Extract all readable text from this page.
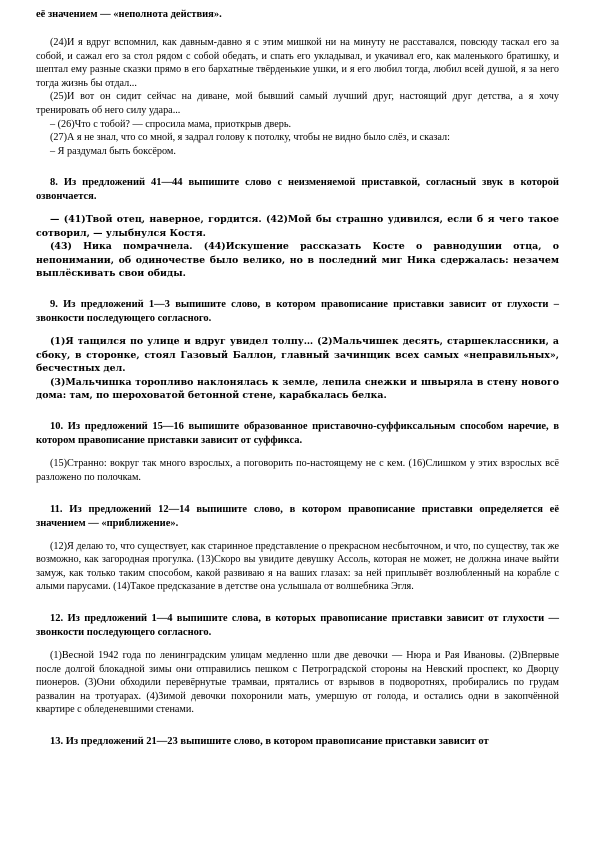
её значением — «неполнота действия».

(24)И я вдруг вспомнил, как давным-давно я с этим мишкой ни на минуту не расставался, повсюду таскал его за собой, и сажал его за стол рядом с собой обедать, и спать его укладывал, и укачивал его, как маленького братишку, и шептал ему разные сказки прямо в его бархатные твёрденькие ушки, и я его любил тогда, любил всей душой, я за него тогда жизнь бы отдал...

(25)И вот он сидит сейчас на диване, мой бывший самый лучший друг, настоящий друг детства, а я хочу тренировать об него силу удара...

– (26)Что с тобой? — спросила мама, приоткрыв дверь.

(27)А я не знал, что со мной, я задрал голову к потолку, чтобы не видно было слёз, и сказал:

– Я раздумал быть боксёром.

8. Из предложений 41—44 выпишите слово с неизменяемой приставкой, согласный звук в которой озвончается.

— (41)Твой отец, наверное, гордится. (42)Мой бы страшно удивился, если б я чего такое сотворил, — улыбнулся Костя.

(43) Ника помрачнела. (44)Искушение рассказать Косте о равнодушии отца, о непонимании, об одиночестве было велико, но в последний миг Ника сдержалась: незачем выплёскивать свои обиды.

9. Из предложений 1—3 выпишите слово, в котором правописание приставки зависит от глухости – звонкости последующего согласного.

(1)Я тащился по улице и вдруг увидел толпу… (2)Мальчишек десять, старшеклассники, а сбоку, в сторонке, стоял Газовый Баллон, главный зачинщик всех самых «неправильных», бесчестных дел.

(3)Мальчишка торопливо наклонялась к земле, лепила снежки и швыряла в стену нового дома: там, по шероховатой бетонной стене, карабкалась белка.

10. Из предложений 15—16 выпишите образованное приставочно-суффиксальным способом наречие, в котором правописание приставки зависит от суффикса.

(15)Странно: вокруг так много взрослых, а поговорить по-настоящему не с кем. (16)Слишком у этих взрослых всё разложено по полочкам.

11. Из предложений 12—14 выпишите слово, в котором правописание приставки определяется её значением — «приближение».

(12)Я делаю то, что существует, как старинное представление о прекрасном несбыточном, и что, по существу, так же возможно, как загородная прогулка. (13)Скоро вы увидите девушку Ассоль, которая не может, не должна иначе выйти замуж, как только таким способом, какой развиваю я на ваших глазах: за ней приплывёт возлюбленный на корабле с алыми парусами. (14)Такое предсказание в детстве она услышала от волшебника Эгля.

12. Из предложений 1—4 выпишите слова, в которых правописание приставки зависит от глухости — звонкости последующего согласного.

(1)Весной 1942 года по ленинградским улицам медленно шли две девочки — Нюра и Рая Ивановы. (2)Впервые после долгой блокадной зимы они отправились пешком с Петроградской стороны на Невский проспект, ко Дворцу пионеров. (3)Они обходили перевёрнутые трамваи, прятались от взрывов в подворотнях, пробирались по грудам развалин на тротуарах. (4)Зимой девочки похоронили мать, умершую от голода, и остались одни в закопчённой квартире с обледеневшими стенами.

13. Из предложений 21—23 выпишите слово, в котором правописание приставки зависит от
